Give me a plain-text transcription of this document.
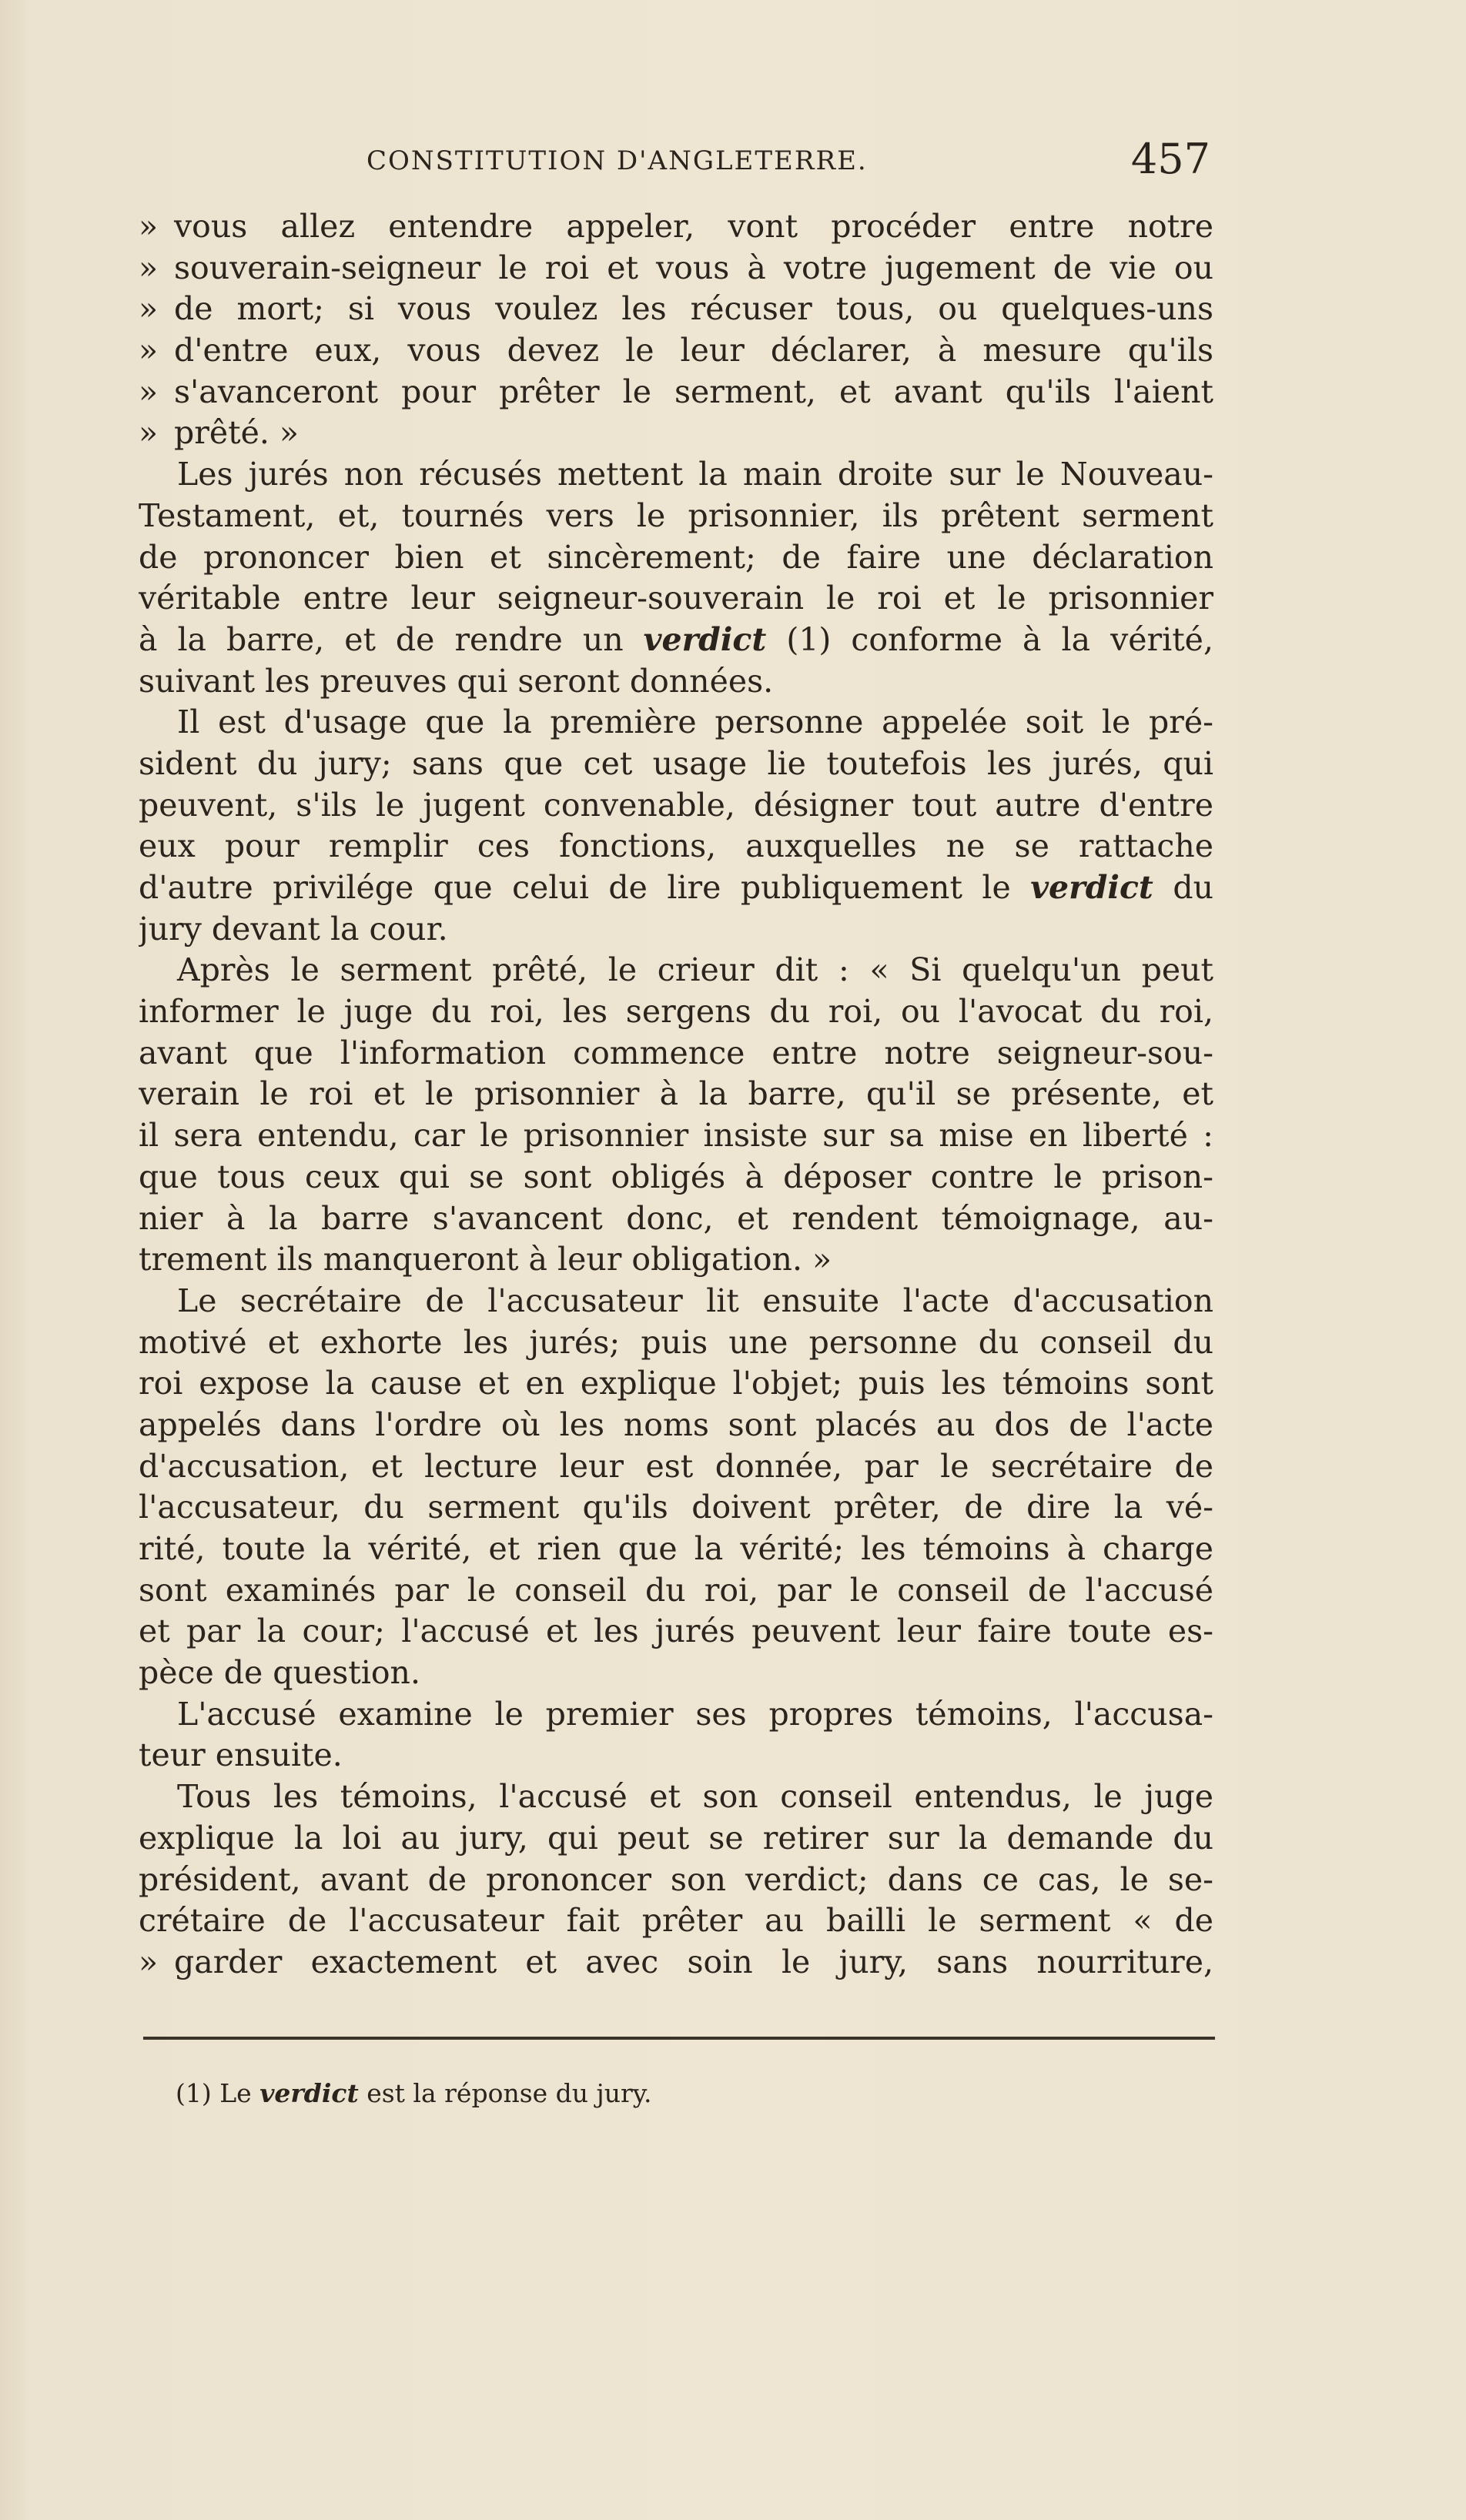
CONSTITUTION D'ANGLETERRE.	457
» vous allez entendre appeler, vont procéder entre notre
» souverain-seigneur le roi et vous à votre jugement de vie ou
» de mort; si vous voulez les récuser tous, ou quelques-uns
» d'entre eux, vous devez le leur déclarer, à mesure qu'ils
» s'avanceront pour prêter le serment, et avant qu'ils l'aient
» prêté. »
Les jurés non récusés mettent la main droite sur le Nouveau-
Testament, et, tournés vers le prisonnier, ils prêtent serment
de prononcer bien et sincèrement; de faire une déclaration
véritable entre leur seigneur-souverain le roi et le prisonnier
à la barre, et de rendre un verdict (1) conforme à la vérité,
suivant les preuves qui seront données.
Il est d'usage que la première personne appelée soit le pré-
sident du jury; sans que cet usage lie toutefois les jurés, qui
peuvent, s'ils le jugent convenable, désigner tout autre d'entre
eux pour remplir ces fonctions, auxquelles ne se rattache
d'autre privilége que celui de lire publiquement le verdict du
jury devant la cour.
Après le serment prêté, le crieur dit : « Si quelqu'un peut
informer le juge du roi, les sergens du roi, ou l'avocat du roi,
avant que l'information commence entre notre seigneur-sou-
verain le roi et le prisonnier à la barre, qu'il se présente, et
il sera entendu, car le prisonnier insiste sur sa mise en liberté :
que tous ceux qui se sont obligés à déposer contre le prison-
nier à la barre s'avancent donc, et rendent témoignage, au-
trement ils manqueront à leur obligation. »
Le secrétaire de l'accusateur lit ensuite l'acte d'accusation
motivé et exhorte les jurés; puis une personne du conseil du
roi expose la cause et en explique l'objet; puis les témoins sont
appelés dans l'ordre où les noms sont placés au dos de l'acte
d'accusation, et lecture leur est donnée, par le secrétaire de
l'accusateur, du serment qu'ils doivent prêter, de dire la vé-
rité, toute la vérité, et rien que la vérité; les témoins à charge
sont examinés par le conseil du roi, par le conseil de l'accusé
et par la cour; l'accusé et les jurés peuvent leur faire toute es-
pèce de question.
L'accusé examine le premier ses propres témoins, l'accusa-
teur ensuite.
Tous les témoins, l'accusé et son conseil entendus, le juge
explique la loi au jury, qui peut se retirer sur la demande du
président, avant de prononcer son verdict; dans ce cas, le se-
crétaire de l'accusateur fait prêter au bailli le serment « de
» garder exactement et avec soin le jury, sans nourriture,
(1) Le verdict est la réponse du jury.
